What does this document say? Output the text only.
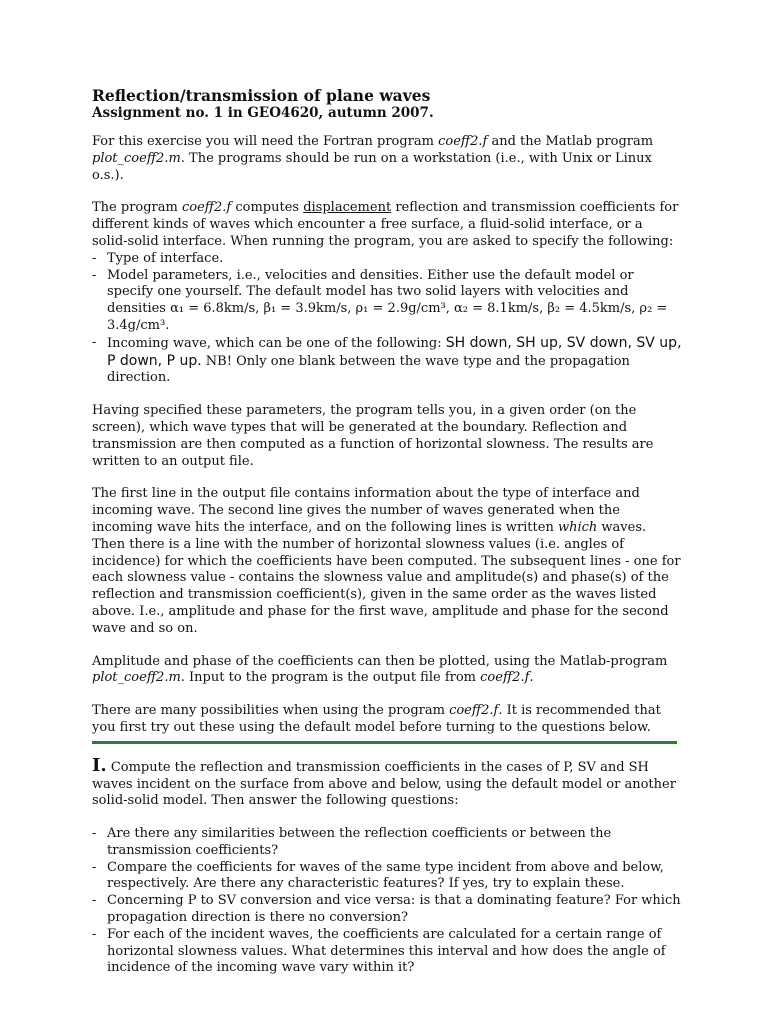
Reflection/transmission of plane waves
Assignment no. 1 in GEO4620, autumn 2007.

For this exercise you will need the Fortran program coeff2.f and the Matlab program plot_coeff2.m. The programs should be run on a workstation (i.e., with Unix or Linux o.s.).

The program coeff2.f computes displacement reflection and transmission coefficients for different kinds of waves which encounter a free surface, a fluid-solid interface, or a solid-solid interface. When running the program, you are asked to specify the following:

- Type of interface.
- Model parameters, i.e., velocities and densities. Either use the default model or specify one yourself. The default model has two solid layers with velocities and densities α₁ = 6.8km/s, β₁ = 3.9km/s, ρ₁ = 2.9g/cm³, α₂ = 8.1km/s, β₂ = 4.5km/s, ρ₂ = 3.4g/cm³.
- Incoming wave, which can be one of the following: SH down, SH up, SV down, SV up, P down, P up. NB! Only one blank between the wave type and the propagation direction.

Having specified these parameters, the program tells you, in a given order (on the screen), which wave types that will be generated at the boundary. Reflection and transmission are then computed as a function of horizontal slowness. The results are written to an output file.

The first line in the output file contains information about the type of interface and incoming wave. The second line gives the number of waves generated when the incoming wave hits the interface, and on the following lines is written which waves. Then there is a line with the number of horizontal slowness values (i.e. angles of incidence) for which the coefficients have been computed. The subsequent lines - one for each slowness value - contains the slowness value and amplitude(s) and phase(s) of the reflection and transmission coefficient(s), given in the same order as the waves listed above. I.e., amplitude and phase for the first wave, amplitude and phase for the second wave and so on.

Amplitude and phase of the coefficients can then be plotted, using the Matlab-program plot_coeff2.m. Input to the program is the output file from coeff2.f.

There are many possibilities when using the program coeff2.f. It is recommended that you first try out these using the default model before turning to the questions below.

I. Compute the reflection and transmission coefficients in the cases of P, SV and SH waves incident on the surface from above and below, using the default model or another solid-solid model. Then answer the following questions:

- Are there any similarities between the reflection coefficients or between the transmission coefficients?
- Compare the coefficients for waves of the same type incident from above and below, respectively. Are there any characteristic features? If yes, try to explain these.
- Concerning P to SV conversion and vice versa: is that a dominating feature? For which propagation direction is there no conversion?
- For each of the incident waves, the coefficients are calculated for a certain range of horizontal slowness values. What determines this interval and how does the angle of incidence of the incoming wave vary within it?
